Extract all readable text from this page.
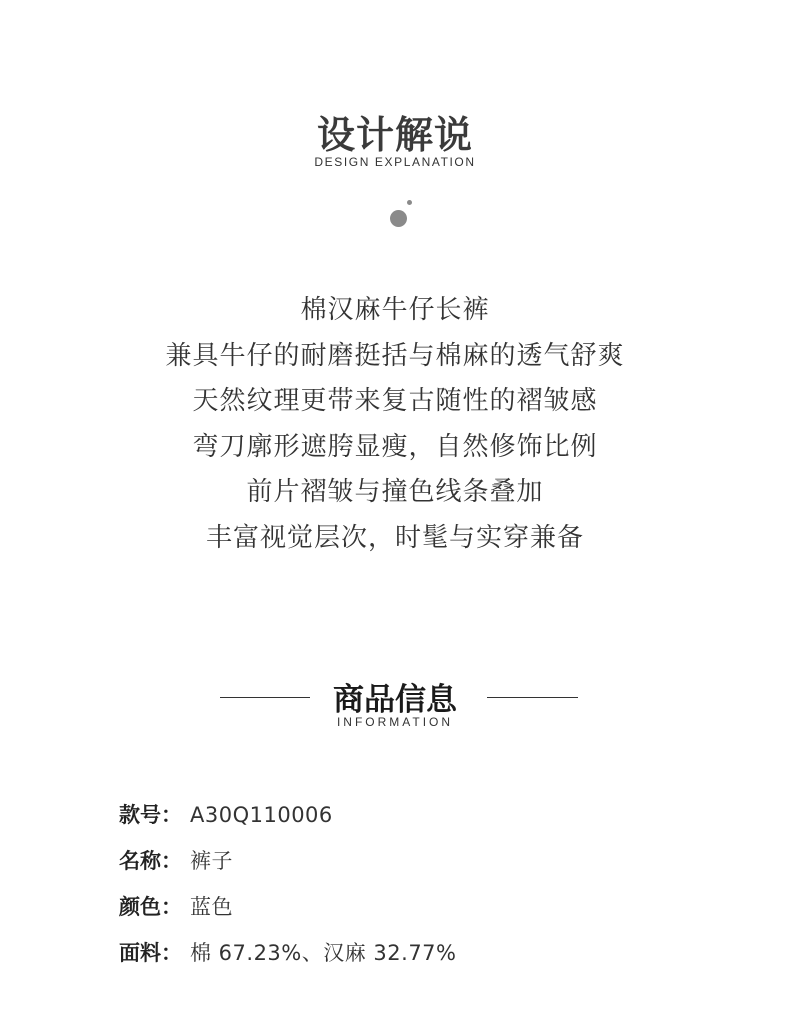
设计解说
DESIGN EXPLANATION
棉汉麻牛仔长裤
兼具牛仔的耐磨挺括与棉麻的透气舒爽
天然纹理更带来复古随性的褶皱感
弯刀廓形遮胯显瘦，自然修饰比例
前片褶皱与撞色线条叠加
丰富视觉层次，时髦与实穿兼备
商品信息
INFORMATION
款号： A30Q110006
名称： 裤子
颜色： 蓝色
面料： 棉 67.23%、汉麻 32.77%
